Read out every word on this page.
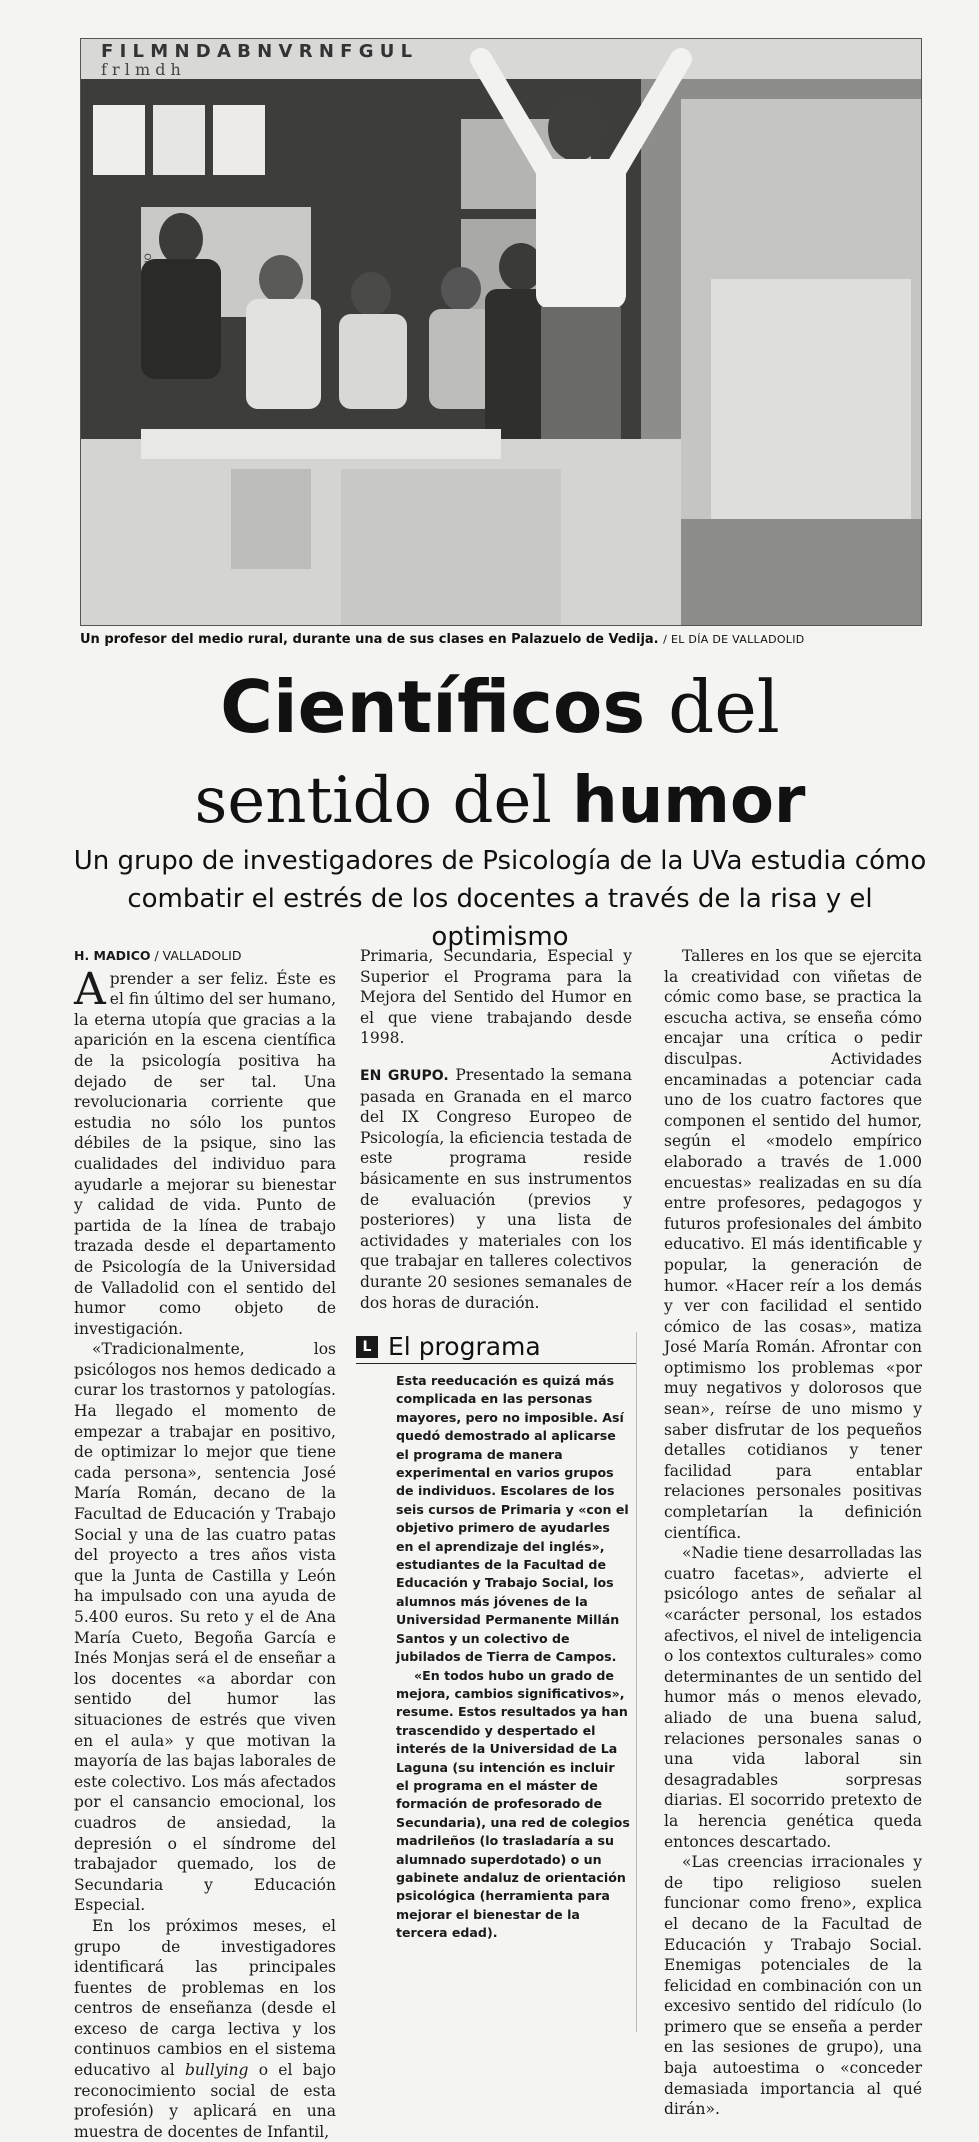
F I L M N D A B N V R N F G U L
f r l m d h
Un profesor del medio rural, durante una de sus clases en Palazuelo de Vedija. / EL DÍA DE VALLADOLID
Científicos del
sentido del humor
Un grupo de investigadores de Psicología de la UVa estudia cómo combatir el estrés de los docentes a través de la risa y el optimismo
H. MADICO / VALLADOLID

Aprender a ser feliz. Éste es el fin último del ser humano, la eterna utopía que gracias a la aparición en la escena científica de la psicología positiva ha dejado de ser tal. Una revolucionaria corriente que estudia no sólo los puntos débiles de la psique, sino las cualidades del individuo para ayudarle a mejorar su bienestar y calidad de vida. Punto de partida de la línea de trabajo trazada desde el departamento de Psicología de la Universidad de Valladolid con el sentido del humor como objeto de investigación.

«Tradicionalmente, los psicólogos nos hemos dedicado a curar los trastornos y patologías. Ha llegado el momento de empezar a trabajar en positivo, de optimizar lo mejor que tiene cada persona», sentencia José María Román, decano de la Facultad de Educación y Trabajo Social y una de las cuatro patas del proyecto a tres años vista que la Junta de Castilla y León ha impulsado con una ayuda de 5.400 euros. Su reto y el de Ana María Cueto, Begoña García e Inés Monjas será el de enseñar a los docentes «a abordar con sentido del humor las situaciones de estrés que viven en el aula» y que motivan la mayoría de las bajas laborales de este colectivo. Los más afectados por el cansancio emocional, los cuadros de ansiedad, la depresión o el síndrome del trabajador quemado, los de Secundaria y Educación Especial.

En los próximos meses, el grupo de investigadores identificará las principales fuentes de problemas en los centros de enseñanza (desde el exceso de carga lectiva y los continuos cambios en el sistema educativo al bullying o el bajo reconocimiento social de esta profesión) y aplicará en una muestra de docentes de Infantil,

Primaria, Secundaria, Especial y Superior el Programa para la Mejora del Sentido del Humor en el que viene trabajando desde 1998.

EN GRUPO. Presentado la semana pasada en Granada en el marco del IX Congreso Europeo de Psicología, la eficiencia testada de este programa reside básicamente en sus instrumentos de evaluación (previos y posteriores) y una lista de actividades y materiales con los que trabajar en talleres colectivos durante 20 sesiones semanales de dos horas de duración.

L El programa

Esta reeducación es quizá más complicada en las personas mayores, pero no imposible. Así quedó demostrado al aplicarse el programa de manera experimental en varios grupos de individuos. Escolares de los seis cursos de Primaria y «con el objetivo primero de ayudarles en el aprendizaje del inglés», estudiantes de la Facultad de Educación y Trabajo Social, los alumnos más jóvenes de la Universidad Permanente Millán Santos y un colectivo de jubilados de Tierra de Campos.

«En todos hubo un grado de mejora, cambios significativos», resume. Estos resultados ya han trascendido y despertado el interés de la Universidad de La Laguna (su intención es incluir el programa en el máster de formación de profesorado de Secundaria), una red de colegios madrileños (lo trasladaría a su alumnado superdotado) o un gabinete andaluz de orientación psicológica (herramienta para mejorar el bienestar de la tercera edad).

Talleres en los que se ejercita la creatividad con viñetas de cómic como base, se practica la escucha activa, se enseña cómo encajar una crítica o pedir disculpas. Actividades encaminadas a potenciar cada uno de los cuatro factores que componen el sentido del humor, según el «modelo empírico elaborado a través de 1.000 encuestas» realizadas en su día entre profesores, pedagogos y futuros profesionales del ámbito educativo. El más identificable y popular, la generación de humor. «Hacer reír a los demás y ver con facilidad el sentido cómico de las cosas», matiza José María Román. Afrontar con optimismo los problemas «por muy negativos y dolorosos que sean», reírse de uno mismo y saber disfrutar de los pequeños detalles cotidianos y tener facilidad para entablar relaciones personales positivas completarían la definición científica.

«Nadie tiene desarrolladas las cuatro facetas», advierte el psicólogo antes de señalar al «carácter personal, los estados afectivos, el nivel de inteligencia o los contextos culturales» como determinantes de un sentido del humor más o menos elevado, aliado de una buena salud, relaciones personales sanas o una vida laboral sin desagradables sorpresas diarias. El socorrido pretexto de la herencia genética queda entonces descartado.

«Las creencias irracionales y de tipo religioso suelen funcionar como freno», explica el decano de la Facultad de Educación y Trabajo Social. Enemigas potenciales de la felicidad en combinación con un excesivo sentido del ridículo (lo primero que se enseña a perder en las sesiones de grupo), una baja autoestima o «conceder demasiada importancia al qué dirán».
